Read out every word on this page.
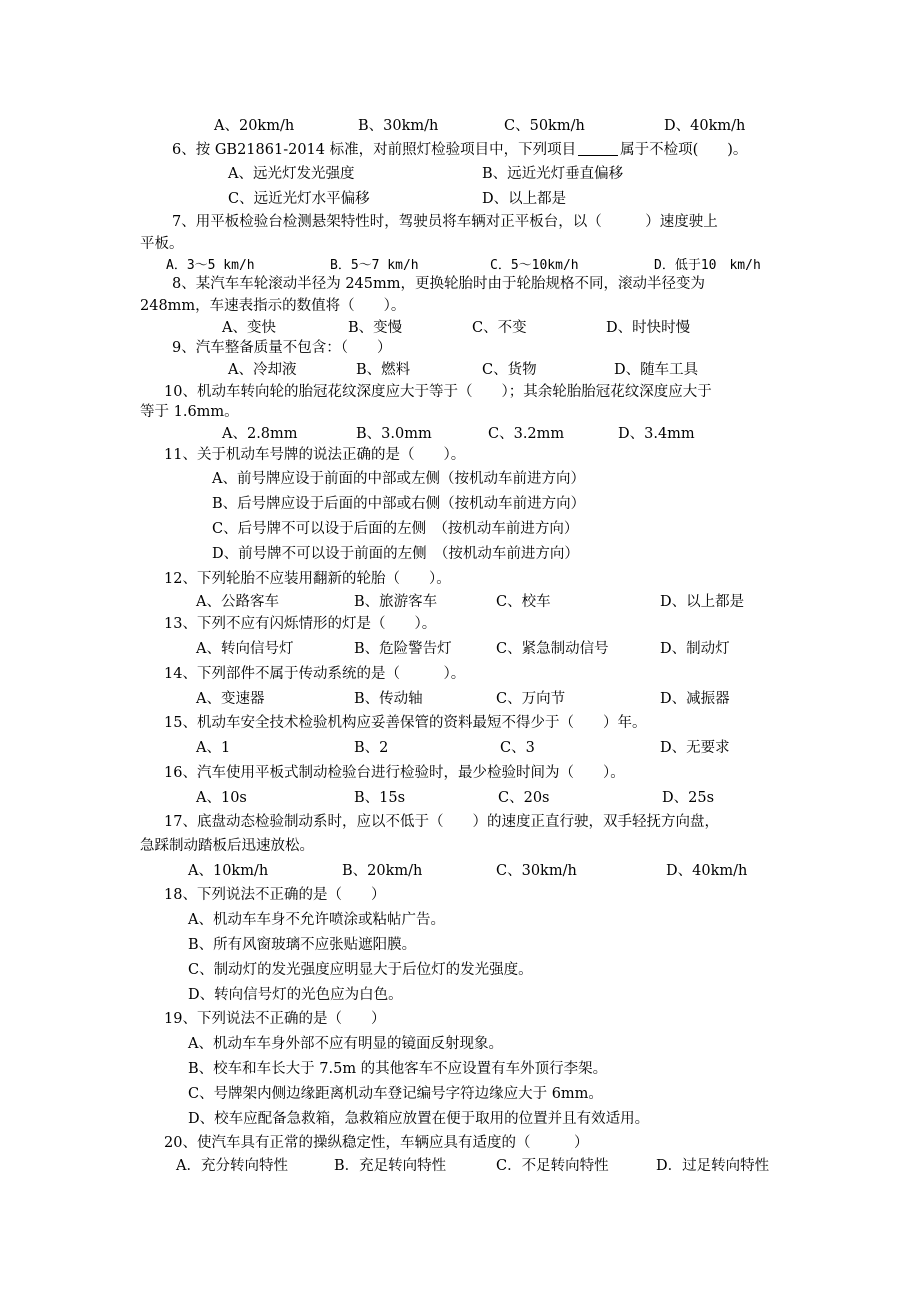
A、20km/h	B、30km/h	C、50km/h	D、40km/h
6、按 GB21861-2014 标准，对前照灯检验项目中，下列项目	属于不检项(　　)。
A、远光灯发光强度	B、远近光灯垂直偏移
C、远近光灯水平偏移	D、以上都是
7、用平板检验台检测悬架特性时，驾驶员将车辆对正平板台，以（　　　）速度驶上
平板。
A．3～5 km/h	B．5～7 km/h	C．5～10km/h	D．低于10　km/h
8、某汽车车轮滚动半径为 245mm，更换轮胎时由于轮胎规格不同，滚动半径变为
248mm，车速表指示的数值将（　　）。
A、变快	B、变慢	C、不变	D、时快时慢
9、汽车整备质量不包含：（　　）
A、冷却液	B、燃料	C、货物	D、随车工具
10、机动车转向轮的胎冠花纹深度应大于等于（　　）；其余轮胎胎冠花纹深度应大于
等于 1.6mm。
A、2.8mm	B、3.0mm	C、3.2mm	D、3.4mm
11、关于机动车号牌的说法正确的是（　　）。
A、前号牌应设于前面的中部或左侧（按机动车前进方向）
B、后号牌应设于后面的中部或右侧（按机动车前进方向）
C、后号牌不可以设于后面的左侧　（按机动车前进方向）
D、前号牌不可以设于前面的左侧　（按机动车前进方向）
12、下列轮胎不应装用翻新的轮胎（　　）。
A、公路客车	B、旅游客车	C、校车	D、以上都是
13、下列不应有闪烁情形的灯是（　　）。
A、转向信号灯	B、危险警告灯	C、紧急制动信号	D、制动灯
14、下列部件不属于传动系统的是（　　　）。
A、变速器	B、传动轴	C、万向节	D、减振器
15、机动车安全技术检验机构应妥善保管的资料最短不得少于（　　）年。
A、1	B、2	C、3	D、无要求
16、汽车使用平板式制动检验台进行检验时，最少检验时间为（　　）。
A、10s	B、15s	C、20s	D、25s
17、底盘动态检验制动系时，应以不低于（　　）的速度正直行驶，双手轻抚方向盘，
急踩制动踏板后迅速放松。
A、10km/h	B、20km/h	C、30km/h	D、40km/h
18、下列说法不正确的是（　　）
A、机动车车身不允许喷涂或粘帖广告。
B、所有风窗玻璃不应张贴遮阳膜。
C、制动灯的发光强度应明显大于后位灯的发光强度。
D、转向信号灯的光色应为白色。
19、下列说法不正确的是（　　）
A、机动车车身外部不应有明显的镜面反射现象。
B、校车和车长大于 7.5m 的其他客车不应设置有车外顶行李架。
C、号牌架内侧边缘距离机动车登记编号字符边缘应大于 6mm。
D、校车应配备急救箱，急救箱应放置在便于取用的位置并且有效适用。
20、使汽车具有正常的操纵稳定性，车辆应具有适度的（　　　）
A．充分转向特性	B．充足转向特性	C．不足转向特性	D．过足转向特性
